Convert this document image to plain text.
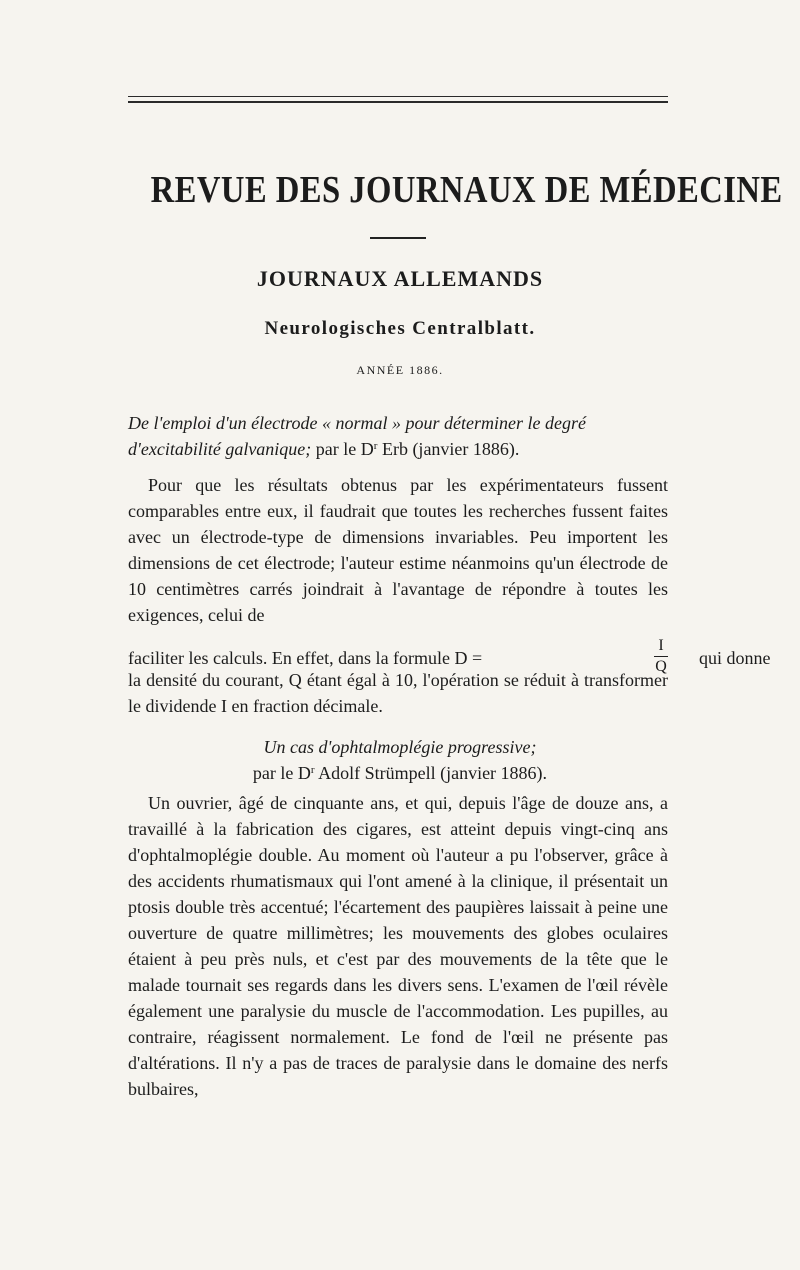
REVUE DES JOURNAUX DE MÉDECINE
JOURNAUX ALLEMANDS
Neurologisches Centralblatt.
ANNÉE 1886.

De l'emploi d'un électrode « normal » pour déterminer le degré d'excitabilité galvanique; par le $D^r$ Erb (janvier 1886).

Pour que les résultats obtenus par les expérimentateurs fussent comparables entre eux, il faudrait que toutes les recherches fussent faites avec un électrode-type de dimensions invariables. Peu importent les dimensions de cet électrode; l'auteur estime néanmoins qu'un électrode de 10 centimètres carrés joindrait à l'avantage de répondre à toutes les exigences, celui de

faciliter les calculs. En effet, dans la formule D =
I
Q qui donne

la densité du courant, Q étant égal à 10, l'opération se réduit à transformer le dividende I en fraction décimale.

Un cas d'ophtalmoplégie progressive;
par le $D^r$ Adolf Strümpell (janvier 1886).

Un ouvrier, âgé de cinquante ans, et qui, depuis l'âge de douze ans, a travaillé à la fabrication des cigares, est atteint depuis vingt-cinq ans d'ophtalmoplégie double. Au moment où l'auteur a pu l'observer, grâce à des accidents rhumatismaux qui l'ont amené à la clinique, il présentait un ptosis double très accentué; l'écartement des paupières laissait à peine une ouverture de quatre millimètres; les mouvements des globes oculaires étaient à peu près nuls, et c'est par des mouvements de la tête que le malade tournait ses regards dans les divers sens. L'examen de l'œil révèle également une paralysie du muscle de l'accommodation. Les pupilles, au contraire, réagissent normalement. Le fond de l'œil ne présente pas d'altérations. Il n'y a pas de traces de paralysie dans le domaine des nerfs bulbaires,
